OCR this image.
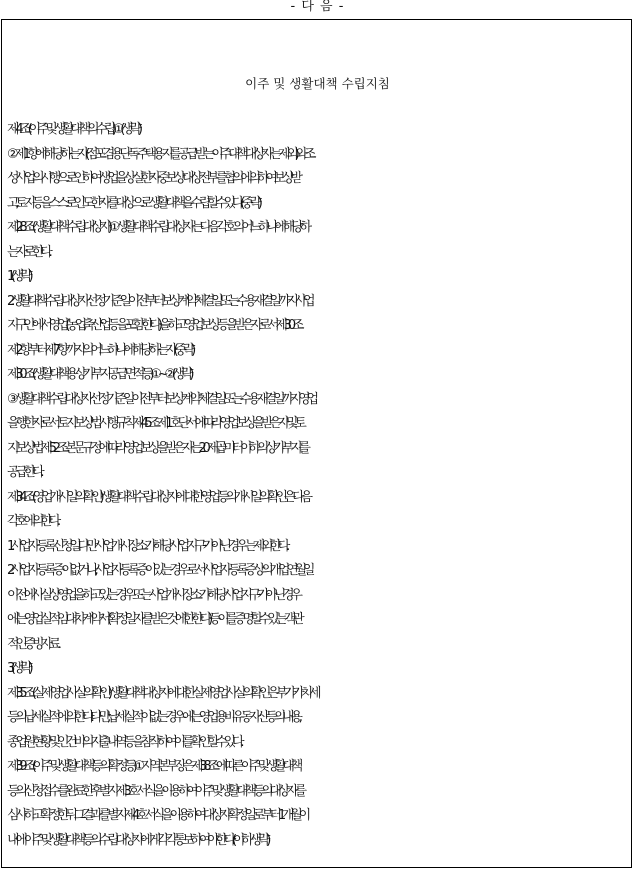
- 다 음 -
이주 및 생활대책 수립지침

제4조(이주 및 생활대책의 수립) ① (생략)

② 제1항에 해당하는 자(점포겸용 단독주택용지를 공급받는 이주대책 대상자는 제외)와 조

성사업의 시행으로 인하여 생업을 상실한 자 중 보상 대상 전부를 협의에 의하여 보상받

고, 토지 등을 스스로 인도한 자를 대상으로 생활대책을 수립할 수 있다. (중략)

제28조(생활대책 수립대상자) ① 생활대책 수립대상자는 다음 각 호의 어느 하나에 해당하

는 자로 한다.

1. (생략)

2. 생활대책 수립대상자 선정기준일 이전부터 보상계약체결일 또는 수용재결일까지 사업

지구 안에서 영업(농업, 축산업 등을 포함한다)을 하고 영업보상 등을 받은 자로서 제30조

제2항부터 제7항까지의 어느 하나에 해당하는 자 (중략)

제30조(생활대책용 상가부지 공급면적 등) ① ~ ② (생략)

③ 생활대책 수립대상자 선정기준일 이전부터 보상계약체결일 또는 수용재결일까지 영업

을 행한 자로서 토지보상법 시행규칙 제45조제1호 단서에 따라 영업보상을 받은 자 및 토

지보상법 제52조 본문 규정에 따라 영업보상을 받은 자는 20제곱미터 이하의 상가부지를

공급한다.

제34조(영업개시일의 확인) 생활대책 수립대상자에 대한 영업 등의 개시일의 확인은 다음

각 호에 의한다.

1. 사업자등록 신청일. 다만 사업개시 장소가 해당 사업지구가 아닌 경우는 제외한다.

2. 사업자등록증이 없거나, 사업자등록증이 있는 경우로서 사업자등록증 상의 개업연월일

이전에 사실상 영업을 하고 있는 경우 또는 사업개시 장소가 해당 사업지구가 아닌 경우

에는 영업실적·임대차계약서(확정일자를 받은 것에 한한다) 등 이를 증명할 수 있는 객관

적인 증빙자료.

3. (생략)

제35조(실제영업사실의 확인) 생활대책대상자에 대한 실제 영업사실의 확인은 부가가치세

등의 납세실적에 의한다. 다만, 납세실적이 없는 경우에는 영업용 비유동자산 등의 내용,

종업원 현황 및 인건비의 지출내역 등을 참작하여 이를 확인할 수 있다.

제39조(이주 및 생활대책 등의 확정 등) ① 지역본부장은 제38조에 따른 이주 및 생활대책

등의 신청접수를 완료한 후 별지 제3호서식을 이용하여 이주 및 생활대책 등의 대상자를

심사하고 확정한 뒤 그 결과를 별지 제4호서식을 이용하여 대상자 확정일로부터 1개월 이

내에 이주 및 생활대책 등의 수립대상자에게 각각 통보하여야 한다. (이하 생략)
